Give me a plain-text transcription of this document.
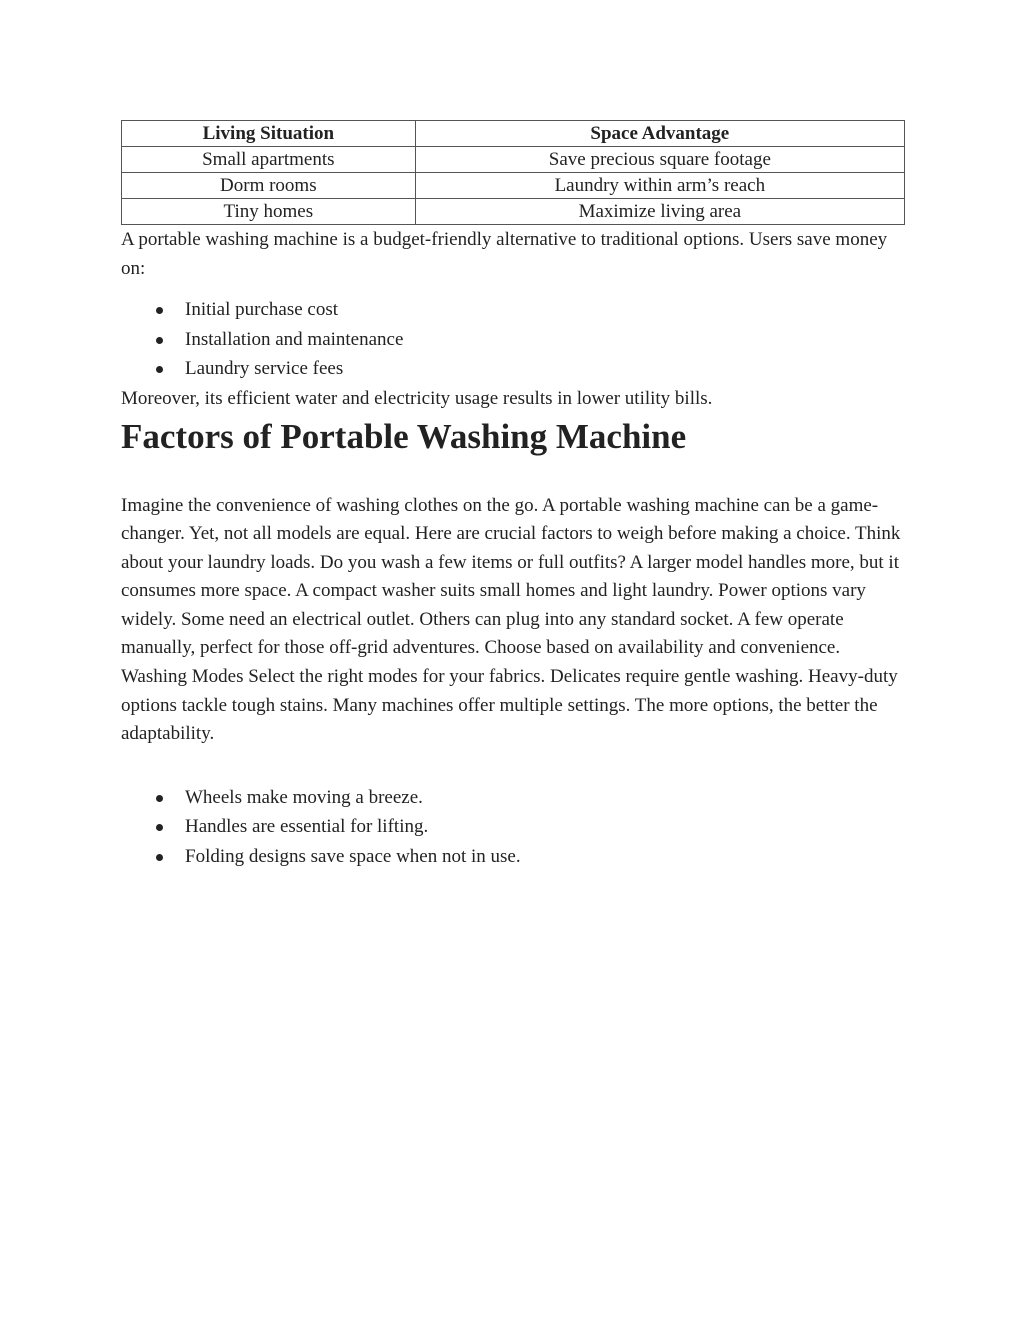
Living Situation	Space Advantage
Small apartments	Save precious square footage
Dorm rooms	Laundry within arm’s reach
Tiny homes	Maximize living area

A portable washing machine is a budget-friendly alternative to traditional options. Users save money on:

Initial purchase cost
Installation and maintenance
Laundry service fees

Moreover, its efficient water and electricity usage results in lower utility bills.

Factors of Portable Washing Machine

Imagine the convenience of washing clothes on the go. A portable washing machine can be a game-changer. Yet, not all models are equal. Here are crucial factors to weigh before making a choice. Think about your laundry loads. Do you wash a few items or full outfits? A larger model handles more, but it consumes more space. A compact washer suits small homes and light laundry. Power options vary widely. Some need an electrical outlet. Others can plug into any standard socket. A few operate manually, perfect for those off-grid adventures. Choose based on availability and convenience. Washing Modes Select the right modes for your fabrics. Delicates require gentle washing. Heavy-duty options tackle tough stains. Many machines offer multiple settings. The more options, the better the adaptability.

Wheels make moving a breeze.
Handles are essential for lifting.
Folding designs save space when not in use.
